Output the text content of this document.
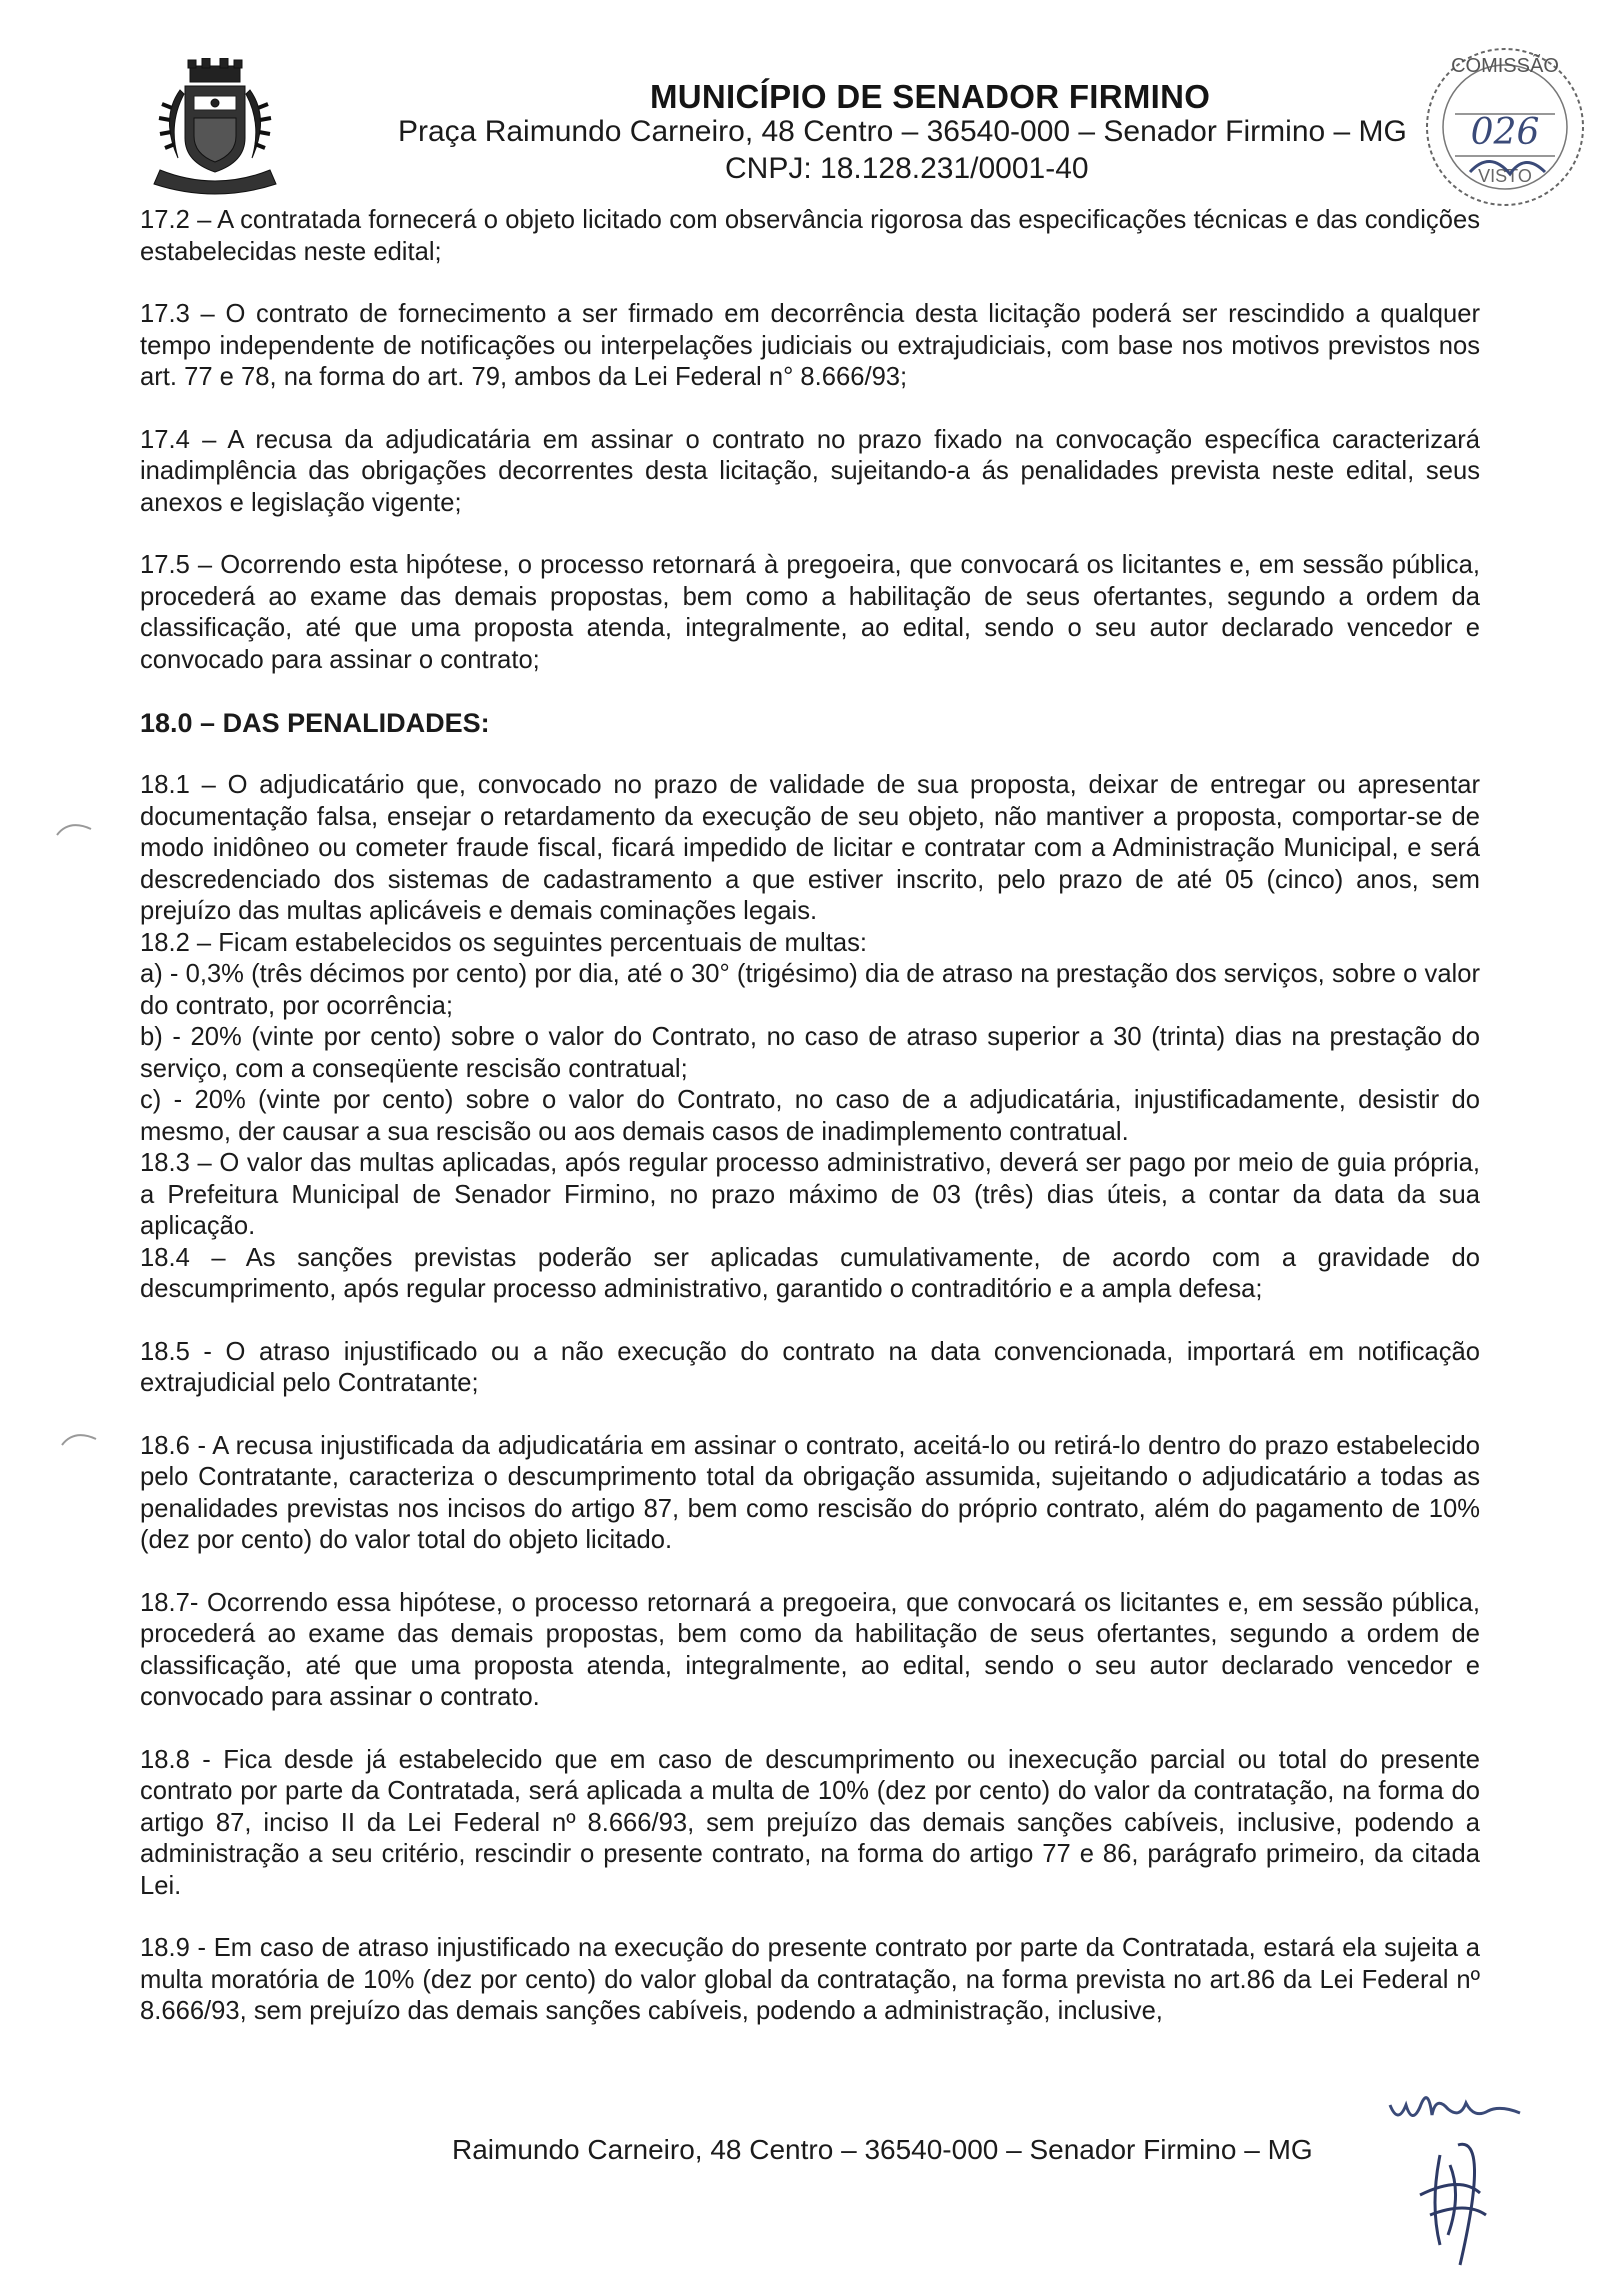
MUNICÍPIO DE SENADOR FIRMINO
Praça Raimundo Carneiro, 48 Centro – 36540-000 – Senador Firmino – MG
CNPJ: 18.128.231/0001-40
COMISSÃO
026
VISTO

17.2 – A contratada fornecerá o objeto licitado com observância rigorosa das especificações técnicas e das condições estabelecidas neste edital;

17.3 – O contrato de fornecimento a ser firmado em decorrência desta licitação poderá ser rescindido a qualquer tempo independente de notificações ou interpelações judiciais ou extrajudiciais, com base nos motivos previstos nos art. 77 e 78, na forma do art. 79, ambos da Lei Federal n° 8.666/93;

17.4 – A recusa da adjudicatária em assinar o contrato no prazo fixado na convocação específica caracterizará inadimplência das obrigações decorrentes desta licitação, sujeitando-a ás penalidades prevista neste edital, seus anexos e legislação vigente;

17.5 – Ocorrendo esta hipótese, o processo retornará à pregoeira, que convocará os licitantes e, em sessão pública, procederá ao exame das demais propostas, bem como a habilitação de seus ofertantes, segundo a ordem da classificação, até que uma proposta atenda, integralmente, ao edital, sendo o seu autor declarado vencedor e convocado para assinar o contrato;

18.0 – DAS PENALIDADES:

18.1 – O adjudicatário que, convocado no prazo de validade de sua proposta, deixar de entregar ou apresentar documentação falsa, ensejar o retardamento da execução de seu objeto, não mantiver a proposta, comportar-se de modo inidôneo ou cometer fraude fiscal, ficará impedido de licitar e contratar com a Administração Municipal, e será descredenciado dos sistemas de cadastramento a que estiver inscrito, pelo prazo de até 05 (cinco) anos, sem prejuízo das multas aplicáveis e demais cominações legais.

18.2 – Ficam estabelecidos os seguintes percentuais de multas:

a) - 0,3% (três décimos por cento) por dia, até o 30° (trigésimo) dia de atraso na prestação dos serviços, sobre o valor do contrato, por ocorrência;

b) - 20% (vinte por cento) sobre o valor do Contrato, no caso de atraso superior a 30 (trinta) dias na prestação do serviço, com a conseqüente rescisão contratual;

c) - 20% (vinte por cento) sobre o valor do Contrato, no caso de a adjudicatária, injustificadamente, desistir do mesmo, der causar a sua rescisão ou aos demais casos de inadimplemento contratual.

18.3 – O valor das multas aplicadas, após regular processo administrativo, deverá ser pago por meio de guia própria, a Prefeitura Municipal de Senador Firmino, no prazo máximo de 03 (três) dias úteis, a contar da data da sua aplicação.

18.4 – As sanções previstas poderão ser aplicadas cumulativamente, de acordo com a gravidade do descumprimento, após regular processo administrativo, garantido o contraditório e a ampla defesa;

18.5 - O atraso injustificado ou a não execução do contrato na data convencionada, importará em notificação extrajudicial pelo Contratante;

18.6 - A recusa injustificada da adjudicatária em assinar o contrato, aceitá-lo ou retirá-lo dentro do prazo estabelecido pelo Contratante, caracteriza o descumprimento total da obrigação assumida, sujeitando o adjudicatário a todas as penalidades previstas nos incisos do artigo 87, bem como rescisão do próprio contrato, além do pagamento de 10% (dez por cento) do valor total do objeto licitado.

18.7- Ocorrendo essa hipótese, o processo retornará a pregoeira, que convocará os licitantes e, em sessão pública, procederá ao exame das demais propostas, bem como da habilitação de seus ofertantes, segundo a ordem de classificação, até que uma proposta atenda, integralmente, ao edital, sendo o seu autor declarado vencedor e convocado para assinar o contrato.

18.8 - Fica desde já estabelecido que em caso de descumprimento ou inexecução parcial ou total do presente contrato por parte da Contratada, será aplicada a multa de 10% (dez por cento) do valor da contratação, na forma do artigo 87, inciso II da Lei Federal nº 8.666/93, sem prejuízo das demais sanções cabíveis, inclusive, podendo a administração a seu critério, rescindir o presente contrato, na forma do artigo 77 e 86, parágrafo primeiro, da citada Lei.

18.9 - Em caso de atraso injustificado na execução do presente contrato por parte da Contratada, estará ela sujeita a multa moratória de 10% (dez por cento) do valor global da contratação, na forma prevista no art.86 da Lei Federal nº 8.666/93, sem prejuízo das demais sanções cabíveis, podendo a administração, inclusive,

Raimundo Carneiro, 48 Centro – 36540-000 – Senador Firmino – MG
